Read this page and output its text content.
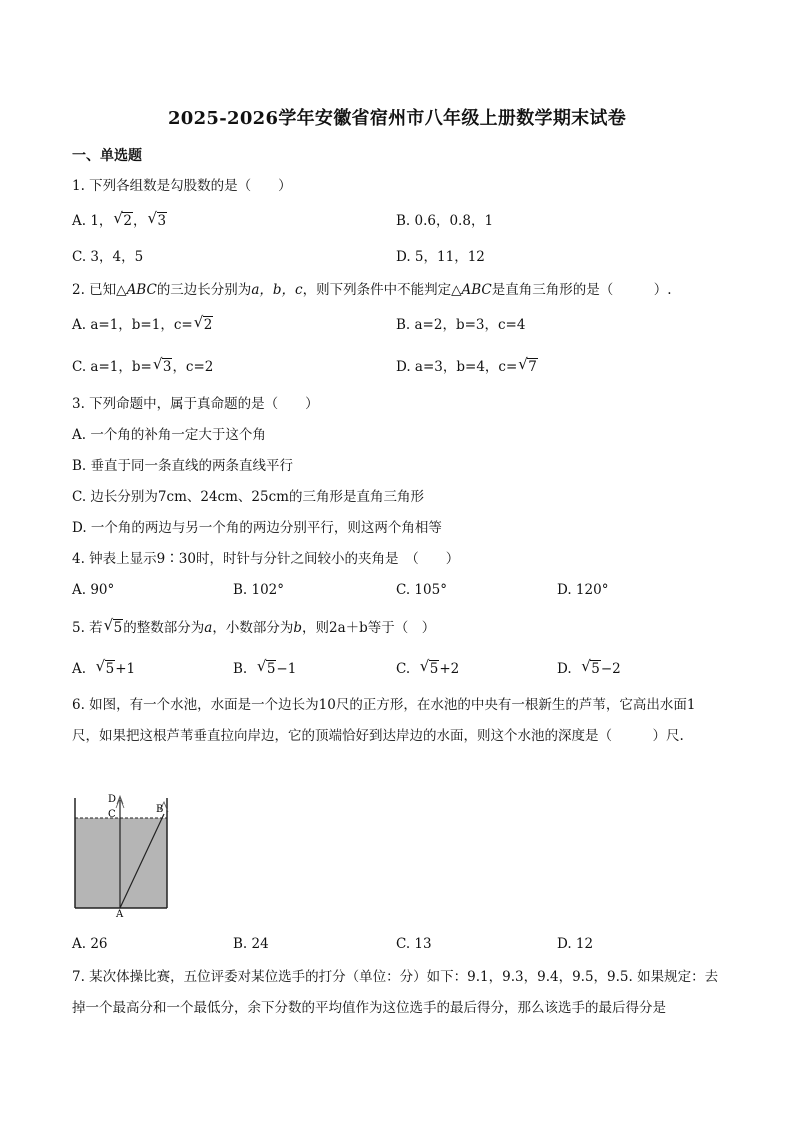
2025-2026学年安徽省宿州市八年级上册数学期末试卷
一、单选题
1. 下列各组数是勾股数的是（　　）
A. 1， √ 2， √ 3	B. 0.6，0.8，1
C. 3，4，5	D. 5，11，12
2. 已知△ABC的三边长分别为a，b，c，则下列条件中不能判定△ABC是直角三角形的是（　　　）.
A. a=1，b=1，c= √ 2	B. a=2，b=3，c=4
C. a=1，b= √ 3，c=2	D. a=3，b=4，c= √ 7
3. 下列命题中，属于真命题的是（　　）
A. 一个角的补角一定大于这个角
B. 垂直于同一条直线的两条直线平行
C. 边长分别为7cm、24cm、25cm的三角形是直角三角形
D. 一个角的两边与另一个角的两边分别平行，则这两个角相等
4. 钟表上显示9∶30时，时针与分针之间较小的夹角是　（　　）
A. 90°	B. 102°	C. 105°	D. 120°
5. 若 √ 5的整数部分为a，小数部分为b，则2a＋b等于（　）
A. √ 5+1	B. √ 5−1	C. √ 5+2	D. √ 5−2
6. 如图，有一个水池，水面是一个边长为10尺的正方形，在水池的中央有一根新生的芦苇，它高出水面1尺，如果把这根芦苇垂直拉向岸边，它的顶端恰好到达岸边的水面，则这个水池的深度是（　　　）尺.
D
C	B
A
A. 26	B. 24	C. 13	D. 12
7. 某次体操比赛，五位评委对某位选手的打分（单位：分）如下：9.1，9.3，9.4，9.5，9.5. 如果规定：去掉一个最高分和一个最低分，余下分数的平均值作为这位选手的最后得分，那么该选手的最后得分是
